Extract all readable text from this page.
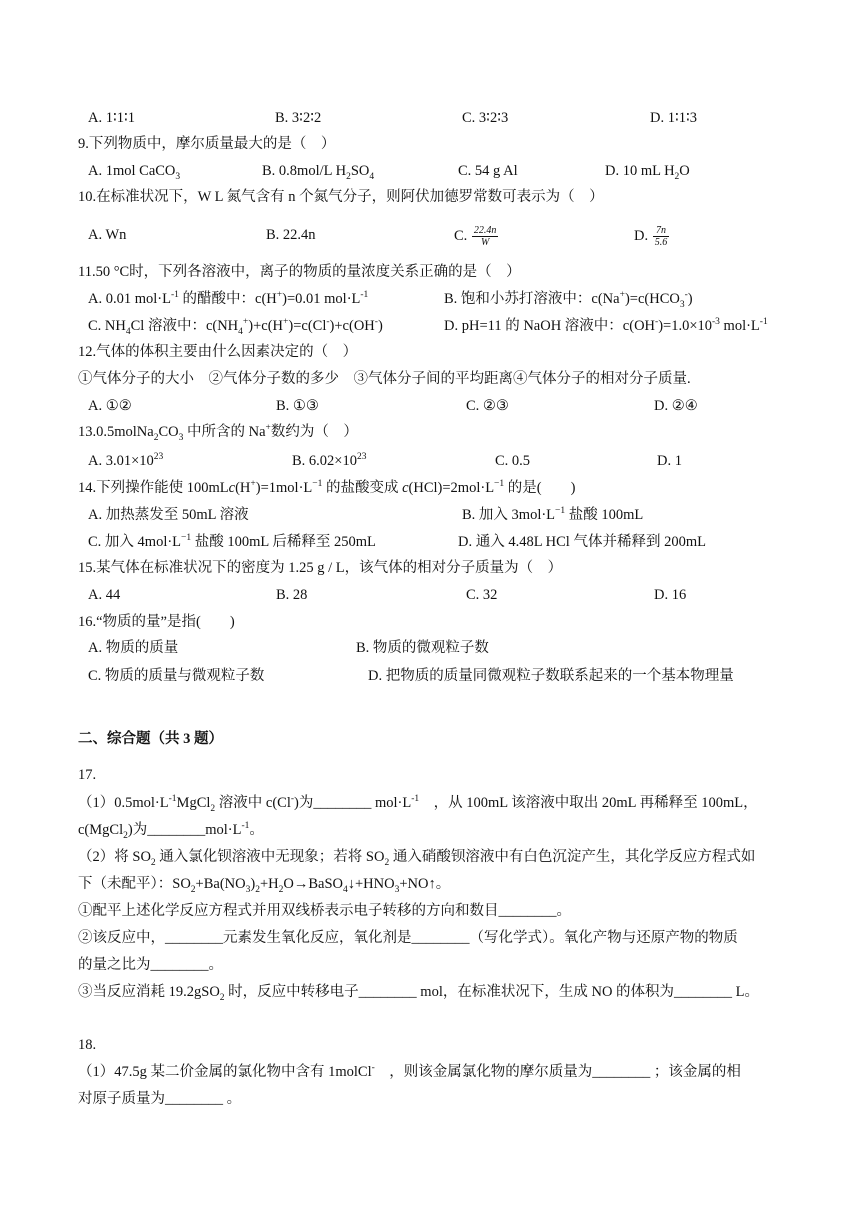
A. 1∶1∶1	B. 3∶2∶2	C. 3∶2∶3	D. 1∶1∶3
9.下列物质中，摩尔质量最大的是（　）
A. 1mol CaCO$_3$	B. 0.8mol/L $H_2SO_4$	C. 54 g Al	D. 10 mL $H_2O$
10.在标准状况下，W L 氮气含有 n 个氮气分子，则阿伏加德罗常数可表示为（　）
A. Wn	B. 22.4n	C. $\frac{22.4n}{W}$	D. $\frac{7n}{5.6}$
11.50 °C时，下列各溶液中，离子的物质的量浓度关系正确的是（　）
A. 0.01 $mol\cdot L^{-1}$ 的醋酸中：c(H+)=0.01 $mol\cdot L^{-1}$	B. 饱和小苏打溶液中：$c(Na^+)=c(HCO_3^-)$
C. $NH_4Cl$ 溶液中：$c(NH_4^+)+c(H^+)=c(Cl^-)+c(OH^-)$	D. pH=11 的 NaOH 溶液中：$c(OH^-)=1.0\times 10^{-3}$ $mol\cdot L^{-1}$
12.气体的体积主要由什么因素决定的（　）
①气体分子的大小　②气体分子数的多少　③气体分子间的平均距离④气体分子的相对分子质量.
A. ①②	B. ①③	C. ②③	D. ②④
$13.0.5molNa_2CO_3$ 中所含的 Na+数约为（　）
A. $3.01\times 10^{23}$	B. $6.02\times 10^{23}$	C. 0.5	D. 1
14.下列操作能使 $100mLc(H^+)=1mol\cdot L^{-1}$ 的盐酸变成 $c(HCl)=2mol\cdot L^{-1}$ 的是(　　)
A. 加热蒸发至 50mL 溶液	B. 加入 $3mol\cdot L^{-1}$ 盐酸 100mL
C. 加入 $4mol\cdot L^{-1}$ 盐酸 100mL 后稀释至 250mL	D. 通入 4.48L HCl 气体并稀释到 200mL
15.某气体在标准状况下的密度为 1.25 g / L，该气体的相对分子质量为（　）
A. 44	B. 28	C. 32	D. 16
16.“物质的量”是指(　　)
A. 物质的质量	B. 物质的微观粒子数
C. 物质的质量与微观粒子数	D. 把物质的质量同微观粒子数联系起来的一个基本物理量
二、综合题（共 3 题）
17.
$(1)0.5mol\cdot L^{-1}MgCl_2$ 溶液中 c(Cl-)为________ $mol\cdot L^{-1}$　，从 100mL 该溶液中取出 20mL 再稀释至 100mL，
c(MgCl$_2$)为$\_\_\_\_\_\_\_\_mol\cdot L^{-1}$。
（2）将 $SO_2$ 通入氯化钡溶液中无现象；若将 $SO_2$ 通入硝酸钡溶液中有白色沉淀产生，其化学反应方程式如
下（未配平）：$SO_2+Ba(NO_3)_2+H_2O\to BaSO_4↓+HNO_3+NO↑$。
①配平上述化学反应方程式并用双线桥表示电子转移的方向和数目________。
②该反应中，________元素发生氧化反应，氧化剂是________（写化学式）。氧化产物与还原产物的物质
的量之比为________。
③当反应消耗 19.2gSO$_2$ 时，反应中转移电子________ mol，在标准状况下，生成 NO 的体积为________ L。
18.
（1）47.5g 某二价金属的氯化物中含有 1molCl-　，则该金属氯化物的摩尔质量为________ ；该金属的相
对原子质量为________ 。
